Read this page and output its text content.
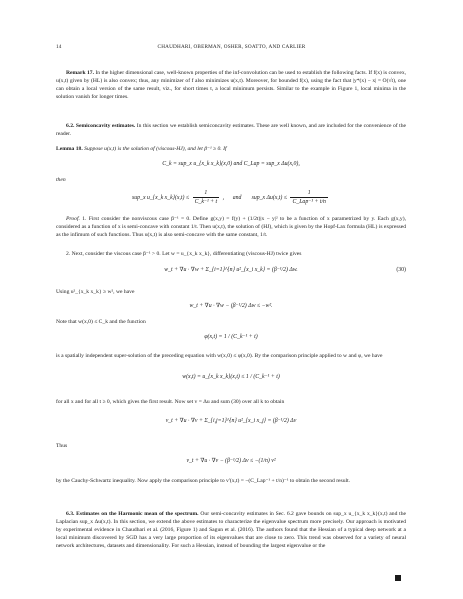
14	CHAUDHARI, OBERMAN, OSHER, SOATTO, AND CARLIER
Remark 17. In the higher dimensional case, well-known properties of the inf-convolution can be used to establish the following facts. If f(x) is convex, u(x,t) given by (HL) is also convex; thus, any minimizer of f also minimizes u(x,t). Moreover, for bounded f(x), using the fact that |y*(x) − x| = O(√t), one can obtain a local version of the same result, viz., for short times t, a local minimum persists. Similar to the example in Figure 1, local minima in the solution vanish for longer times.
6.2. Semiconcavity estimates. In this section we establish semiconcavity estimates. These are well known, and are included for the convenience of the reader.
Lemma 18. Suppose u(x,t) is the solution of (viscous-HJ), and let β⁻¹ ≥ 0. If
C_k = sup_x u_{x_k x_k}(x,0) and C_Lap = sup_x Δu(x,0),
then
sup_x u_{x_k x_k}(x,t) ≤ $\frac{1}{\text{C\_k⁻¹ + t}}$ ,      and       sup_x $\Delta u(x,t) \le \frac{1}{\text{C\_Lap⁻¹ + t/n}}$
Proof. 1. First consider the nonviscous case β⁻¹ = 0. Define g(x,y) = f(y) + (1/2t)|x − y|² to be a function of x parametrized by y. Each g(x,y), considered as a function of x is semi-concave with constant 1/t. Then u(x,t), the solution of (HJ), which is given by the Hopf-Lax formula (HL) is expressed as the infimum of such functions. Thus u(x,t) is also semi-concave with the same constant, 1/t.
2. Next, consider the viscous case β⁻¹ > 0. Let w = u_{x_k x_k}, differentiating (viscous-HJ) twice gives
w_t + ∇u · ∇w + Σ_{i=1}^{n} u²_{x_i x_k} = (β⁻¹/2) Δw.	(30)
Using u²_{x_k x_k} ≥ w², we have
w_t + ∇u · ∇w − (β⁻¹/2) Δw ≤ −w².
Note that w(x,0) ≤ C_k and the function
φ(x,t) = 1 / (C_k⁻¹ + t)
is a spatially independent super-solution of the preceding equation with w(x,0) ≤ φ(x,0). By the comparison principle applied to w and φ, we have
w(x,t) = u_{x_k x_k}(x,t) ≤ 1 / (C_k⁻¹ + t)
for all x and for all t ≥ 0, which gives the first result. Now set v = Δu and sum (30) over all k to obtain
v_t + ∇u · ∇v + Σ_{i,j=1}^{n} u²_{x_i x_j} = (β⁻¹/2) Δv
Thus
v_t + ∇u · ∇v − (β⁻¹/2) Δv ≤ −(1/n) v²
by the Cauchy-Schwartz inequality. Now apply the comparison principle to v'(x,t) = −(C_Lap⁻¹ + t/n)⁻¹ to obtain the second result.
6.3. Estimates on the Harmonic mean of the spectrum. Our semi-concavity estimates in Sec. 6.2 gave bounds on sup_x u_{x_k x_k}(x,t) and the Laplacian sup_x Δu(x,t). In this section, we extend the above estimates to characterize the eigenvalue spectrum more precisely. Our approach is motivated by experimental evidence in Chaudhari et al. (2016, Figure 1) and Sagun et al. (2016). The authors found that the Hessian of a typical deep network at a local minimum discovered by SGD has a very large proportion of its eigenvalues that are close to zero. This trend was observed for a variety of neural network architectures, datasets and dimensionality. For such a Hessian, instead of bounding the largest eigenvalue or the
